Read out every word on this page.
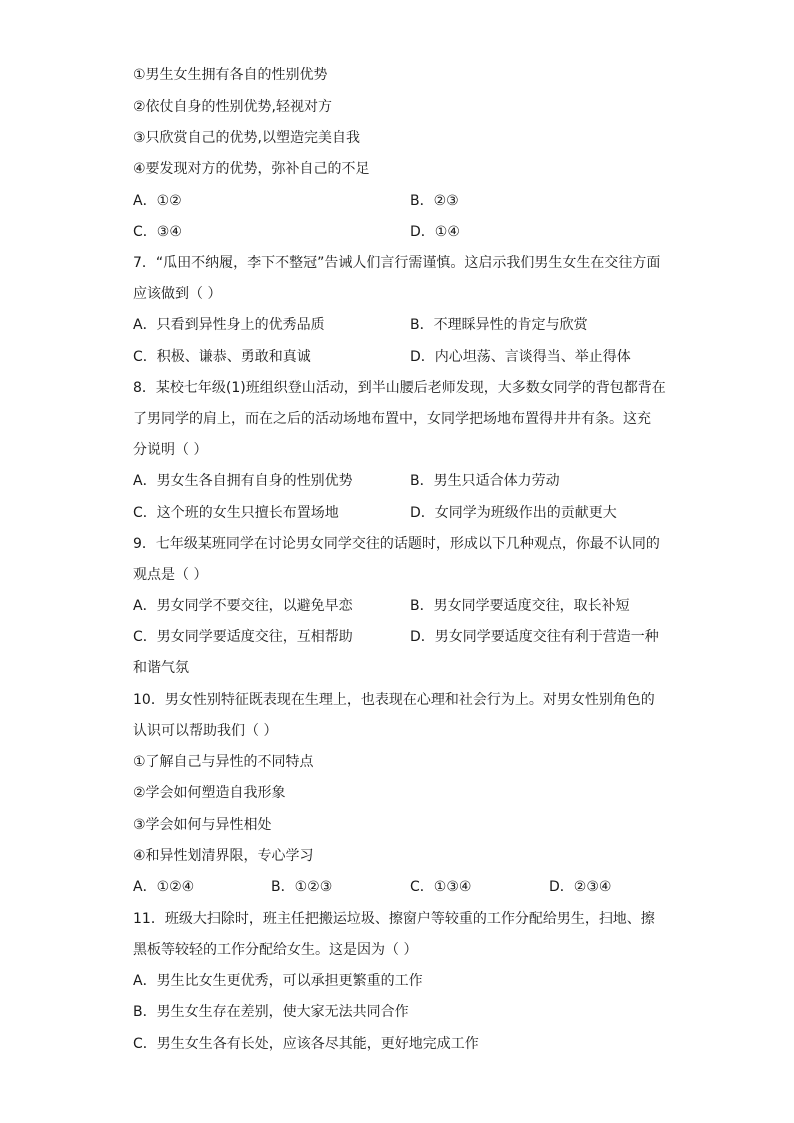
①男生女生拥有各自的性别优势
②依仗自身的性别优势,轻视对方
③只欣赏自己的优势,以塑造完美自我
④要发现对方的优势，弥补自己的不足
A．①②	B．②③
C．③④	D．①④
7．“瓜田不纳履，李下不整冠”告诫人们言行需谨慎。这启示我们男生女生在交往方面
应该做到（ ）
A．只看到异性身上的优秀品质	B．不理睬异性的肯定与欣赏
C．积极、谦恭、勇敢和真诚	D．内心坦荡、言谈得当、举止得体
8．某校七年级(1)班组织登山活动，到半山腰后老师发现，大多数女同学的背包都背在
了男同学的肩上，而在之后的活动场地布置中，女同学把场地布置得井井有条。这充
分说明（ ）
A．男女生各自拥有自身的性别优势	B．男生只适合体力劳动
C．这个班的女生只擅长布置场地	D．女同学为班级作出的贡献更大
9．七年级某班同学在讨论男女同学交往的话题时，形成以下几种观点，你最不认同的
观点是（ ）
A．男女同学不要交往，以避免早恋	B．男女同学要适度交往，取长补短
C．男女同学要适度交往，互相帮助	D．男女同学要适度交往有利于营造一种
和谐气氛
10．男女性别特征既表现在生理上，也表现在心理和社会行为上。对男女性别角色的
认识可以帮助我们（ ）
①了解自己与异性的不同特点
②学会如何塑造自我形象
③学会如何与异性相处
④和异性划清界限，专心学习
A．①②④	B．①②③	C．①③④	D．②③④
11．班级大扫除时，班主任把搬运垃圾、擦窗户等较重的工作分配给男生，扫地、擦
黑板等较轻的工作分配给女生。这是因为（ ）
A．男生比女生更优秀，可以承担更繁重的工作
B．男生女生存在差别，使大家无法共同合作
C．男生女生各有长处，应该各尽其能，更好地完成工作
